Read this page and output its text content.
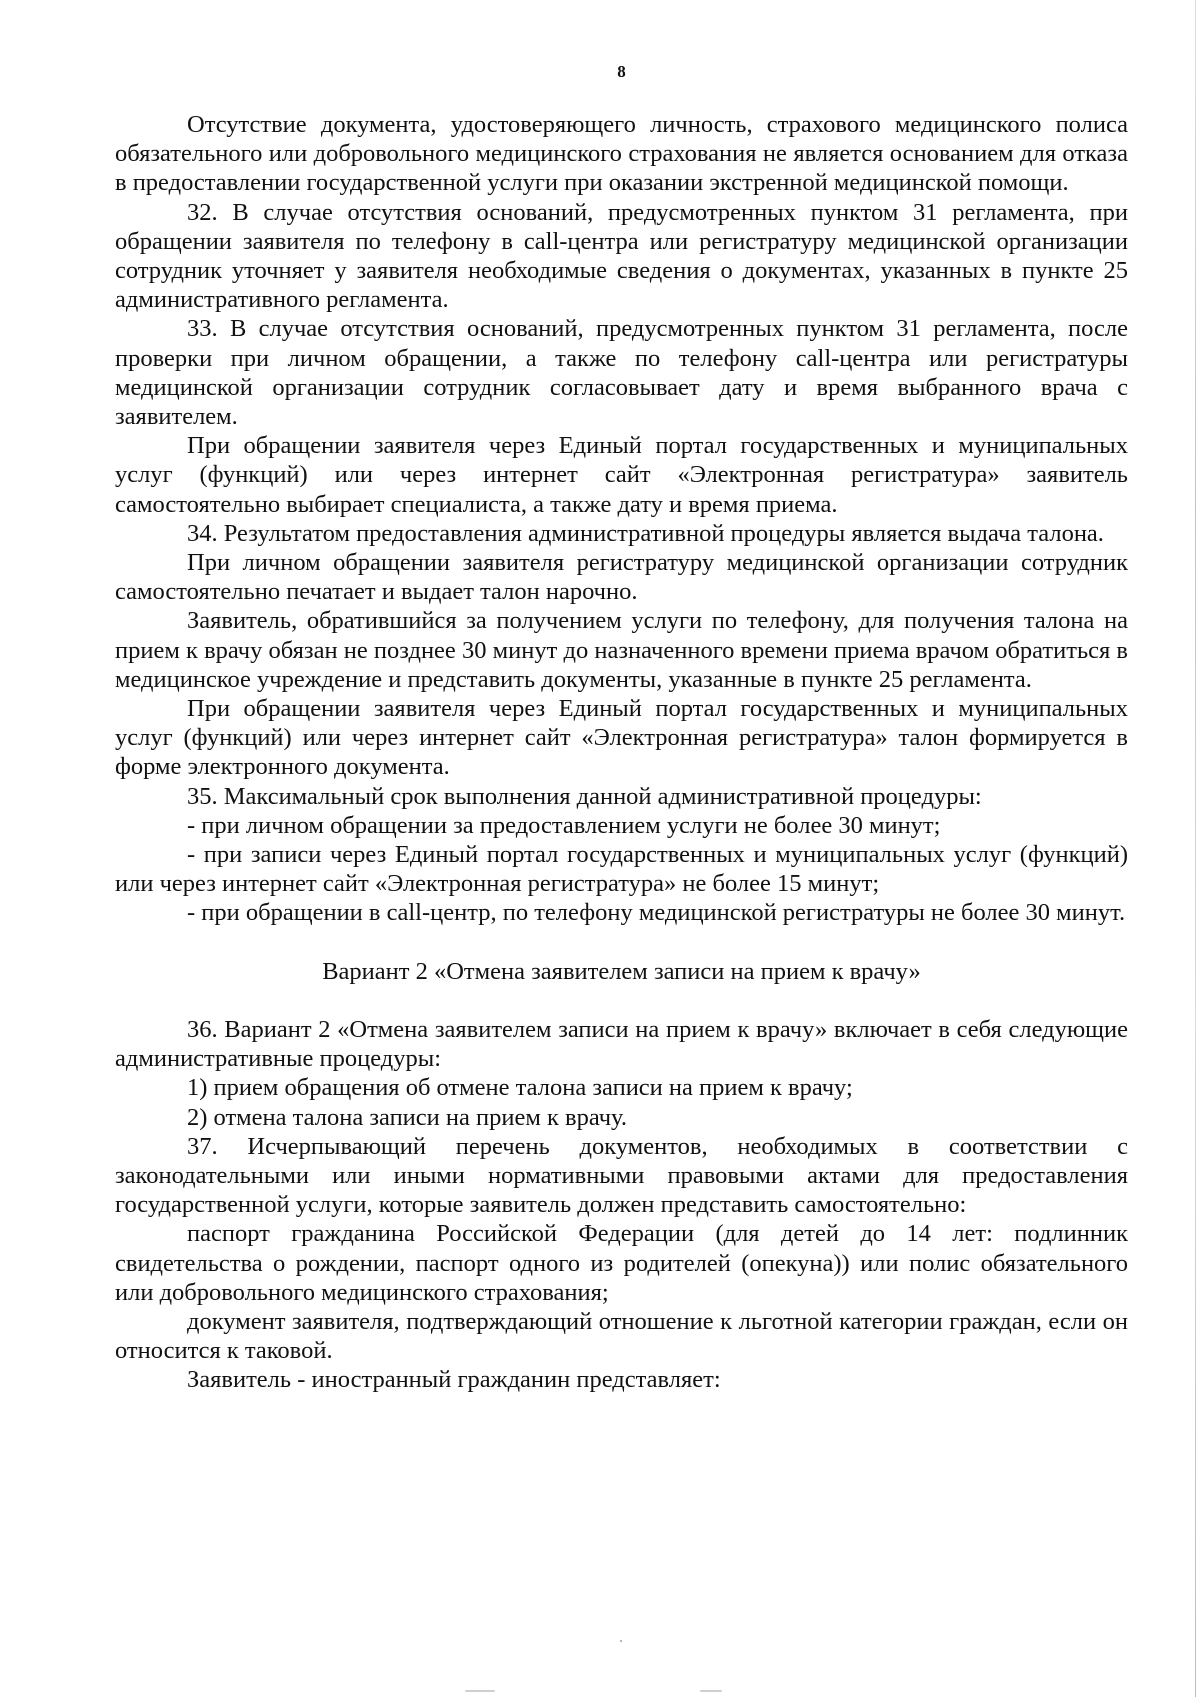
8

Отсутствие документа, удостоверяющего личность, страхового медицинского полиса обязательного или добровольного медицинского страхования не является основанием для отказа в предоставлении государственной услуги при оказании экстренной медицинской помощи.

32. В случае отсутствия оснований, предусмотренных пунктом 31 регламента, при обращении заявителя по телефону в call-центра или регистратуру медицинской организации сотрудник уточняет у заявителя необходимые сведения о документах, указанных в пункте 25 административного регламента.

33. В случае отсутствия оснований, предусмотренных пунктом 31 регламента, после проверки при личном обращении, а также по телефону call-центра или регистратуры медицинской организации сотрудник согласовывает дату и время выбранного врача с заявителем.

При обращении заявителя через Единый портал государственных и муниципальных услуг (функций) или через интернет сайт «Электронная регистратура» заявитель самостоятельно выбирает специалиста, а также дату и время приема.

34. Результатом предоставления административной процедуры является выдача талона.

При личном обращении заявителя регистратуру медицинской организации сотрудник самостоятельно печатает и выдает талон нарочно.

Заявитель, обратившийся за получением услуги по телефону, для получения талона на прием к врачу обязан не позднее 30 минут до назначенного времени приема врачом обратиться в медицинское учреждение и представить документы, указанные в пункте 25 регламента.

При обращении заявителя через Единый портал государственных и муниципальных услуг (функций) или через интернет сайт «Электронная регистратура» талон формируется в форме электронного документа.

35. Максимальный срок выполнения данной административной процедуры:

- при личном обращении за предоставлением услуги не более 30 минут;

- при записи через Единый портал государственных и муниципальных услуг (функций) или через интернет сайт «Электронная регистратура» не более 15 минут;

- при обращении в call-центр, по телефону медицинской регистратуры не более 30 минут.

Вариант 2 «Отмена заявителем записи на прием к врачу»

36. Вариант 2 «Отмена заявителем записи на прием к врачу» включает в себя следующие административные процедуры:

1) прием обращения об отмене талона записи на прием к врачу;

2) отмена талона записи на прием к врачу.

37. Исчерпывающий перечень документов, необходимых в соответствии с законодательными или иными нормативными правовыми актами для предоставления государственной услуги, которые заявитель должен представить самостоятельно:

паспорт гражданина Российской Федерации (для детей до 14 лет: подлинник свидетельства о рождении, паспорт одного из родителей (опекуна)) или полис обязательного или добровольного медицинского страхования;

документ заявителя, подтверждающий отношение к льготной категории граждан, если он относится к таковой.

Заявитель - иностранный гражданин представляет:
